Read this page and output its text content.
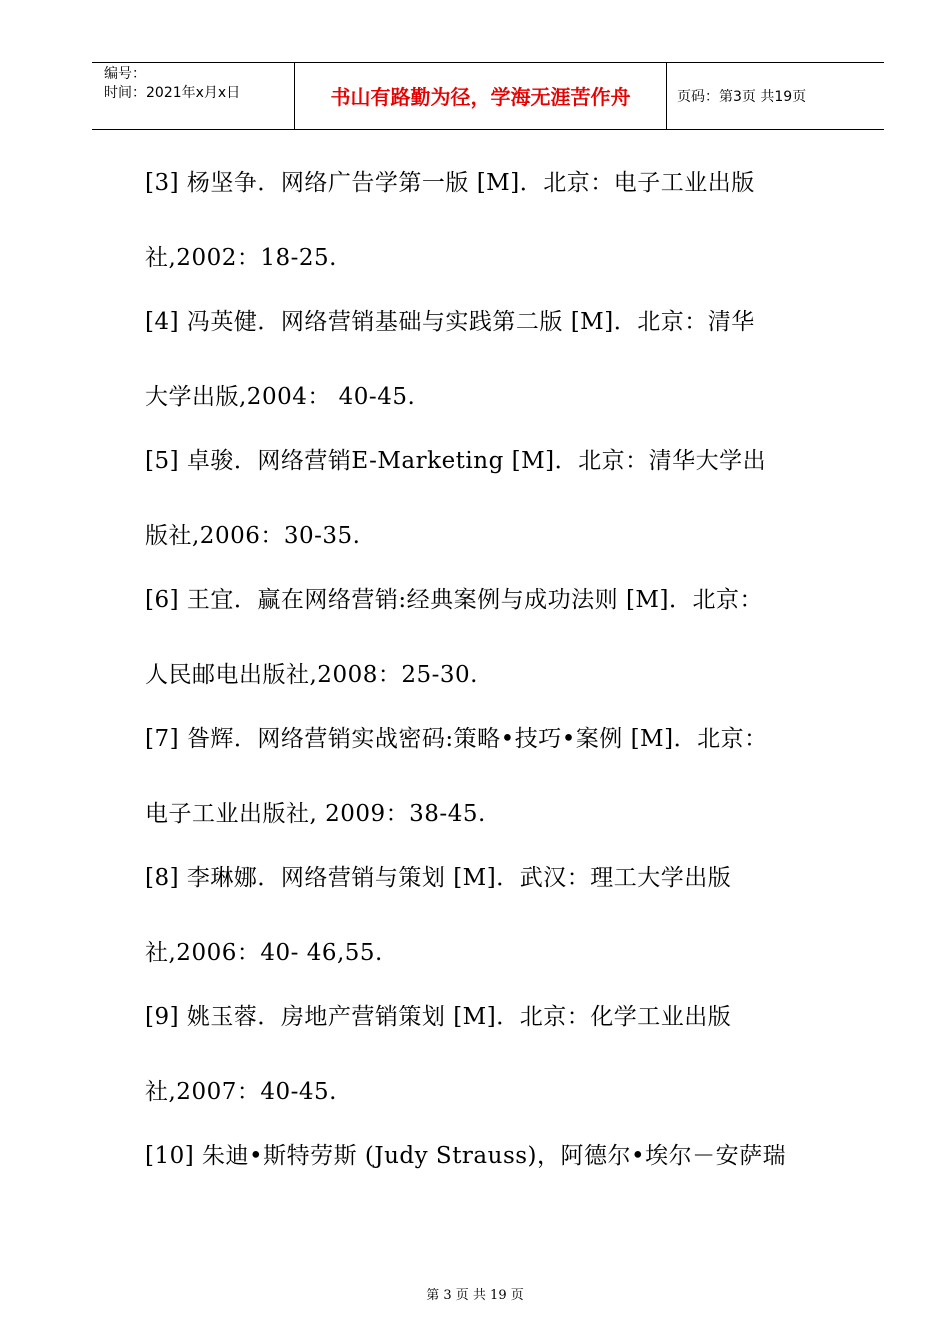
编号：
时间：2021年x月x日	书山有路勤为径，学海无涯苦作舟	页码：第3页 共19页
[3] 杨坚争．网络广告学第一版 [M]．北京：电子工业出版
社,2002：18-25.
[4] 冯英健．网络营销基础与实践第二版 [M]．北京：清华
大学出版,2004： 40-45.
[5] 卓骏．网络营销E-Marketing [M]．北京：清华大学出
版社,2006：30-35.
[6] 王宜．赢在网络营销:经典案例与成功法则 [M]．北京：
人民邮电出版社,2008：25-30.
[7] 昝辉．网络营销实战密码:策略•技巧•案例 [M]．北京：
电子工业出版社, 2009：38-45.
[8] 李琳娜．网络营销与策划 [M]．武汉：理工大学出版
社,2006：40- 46,55.
[9] 姚玉蓉．房地产营销策划 [M]．北京：化学工业出版
社,2007：40-45.
[10] 朱迪•斯特劳斯 (Judy Strauss)，阿德尔•埃尔－安萨瑞
第 3 页 共 19 页
